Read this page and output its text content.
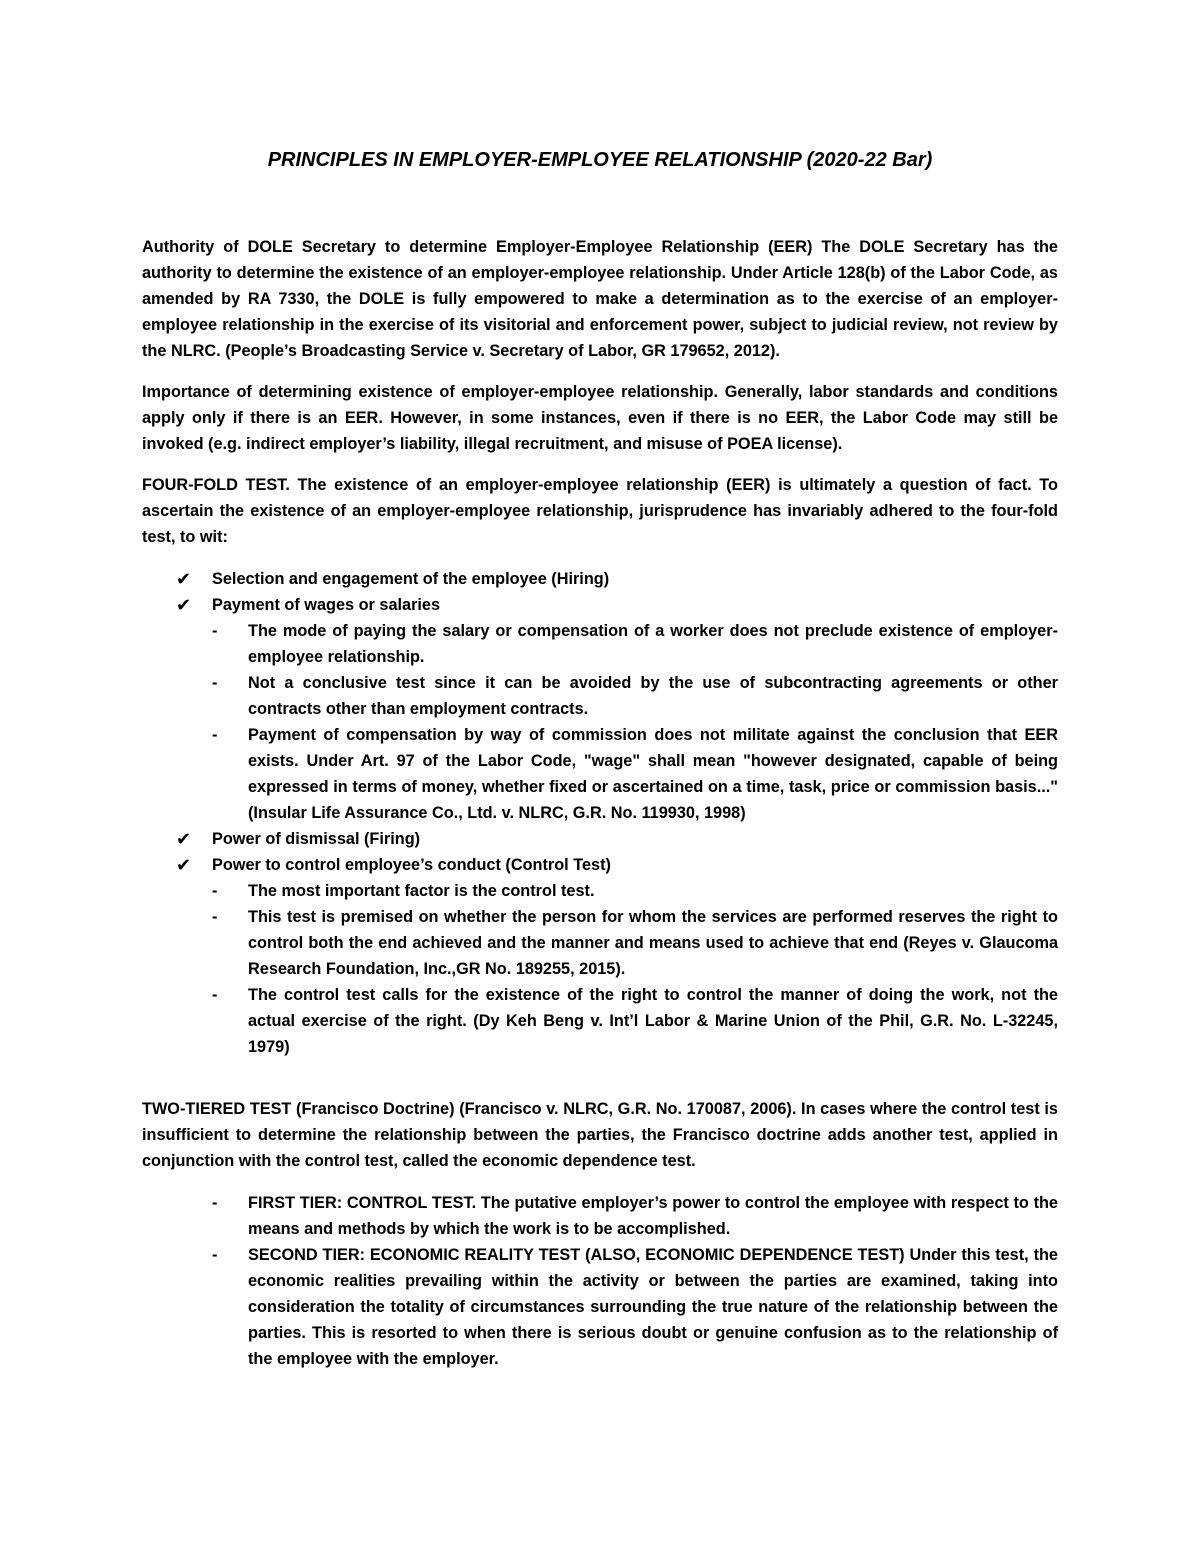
PRINCIPLES IN EMPLOYER-EMPLOYEE RELATIONSHIP (2020-22 Bar)

Authority of DOLE Secretary to determine Employer-Employee Relationship (EER) The DOLE Secretary has the authority to determine the existence of an employer-employee relationship. Under Article 128(b) of the Labor Code, as amended by RA 7330, the DOLE is fully empowered to make a determination as to the exercise of an employer- employee relationship in the exercise of its visitorial and enforcement power, subject to judicial review, not review by the NLRC. (People’s Broadcasting Service v. Secretary of Labor, GR 179652, 2012).

Importance of determining existence of employer-employee relationship. Generally, labor standards and conditions apply only if there is an EER. However, in some instances, even if there is no EER, the Labor Code may still be invoked (e.g. indirect employer’s liability, illegal recruitment, and misuse of POEA license).

FOUR-FOLD TEST. The existence of an employer-employee relationship (EER) is ultimately a question of fact. To ascertain the existence of an employer-employee relationship, jurisprudence has invariably adhered to the four-fold test, to wit:

✔	Selection and engagement of the employee (Hiring)
✔	Payment of wages or salaries
-	The mode of paying the salary or compensation of a worker does not preclude existence of employer-employee relationship.
-	Not a conclusive test since it can be avoided by the use of subcontracting agreements or other contracts other than employment contracts.
-	Payment of compensation by way of commission does not militate against the conclusion that EER exists. Under Art. 97 of the Labor Code, "wage" shall mean "however designated, capable of being expressed in terms of money, whether fixed or ascertained on a time, task, price or commission basis..." (Insular Life Assurance Co., Ltd. v. NLRC, G.R. No. 119930, 1998)
✔	Power of dismissal (Firing)
✔	Power to control employee’s conduct (Control Test)
-	The most important factor is the control test.
-	This test is premised on whether the person for whom the services are performed reserves the right to control both the end achieved and the manner and means used to achieve that end (Reyes v. Glaucoma Research Foundation, Inc.,GR No. 189255, 2015).
-	The control test calls for the existence of the right to control the manner of doing the work, not the actual exercise of the right. (Dy Keh Beng v. Int’l Labor & Marine Union of the Phil, G.R. No. L-32245, 1979)

TWO-TIERED TEST (Francisco Doctrine) (Francisco v. NLRC, G.R. No. 170087, 2006). In cases where the control test is insufficient to determine the relationship between the parties, the Francisco doctrine adds another test, applied in conjunction with the control test, called the economic dependence test.

-	FIRST TIER: CONTROL TEST. The putative employer’s power to control the employee with respect to the means and methods by which the work is to be accomplished.
-	SECOND TIER: ECONOMIC REALITY TEST (ALSO, ECONOMIC DEPENDENCE TEST) Under this test, the economic realities prevailing within the activity or between the parties are examined, taking into consideration the totality of circumstances surrounding the true nature of the relationship between the parties. This is resorted to when there is serious doubt or genuine confusion as to the relationship of the employee with the employer.
